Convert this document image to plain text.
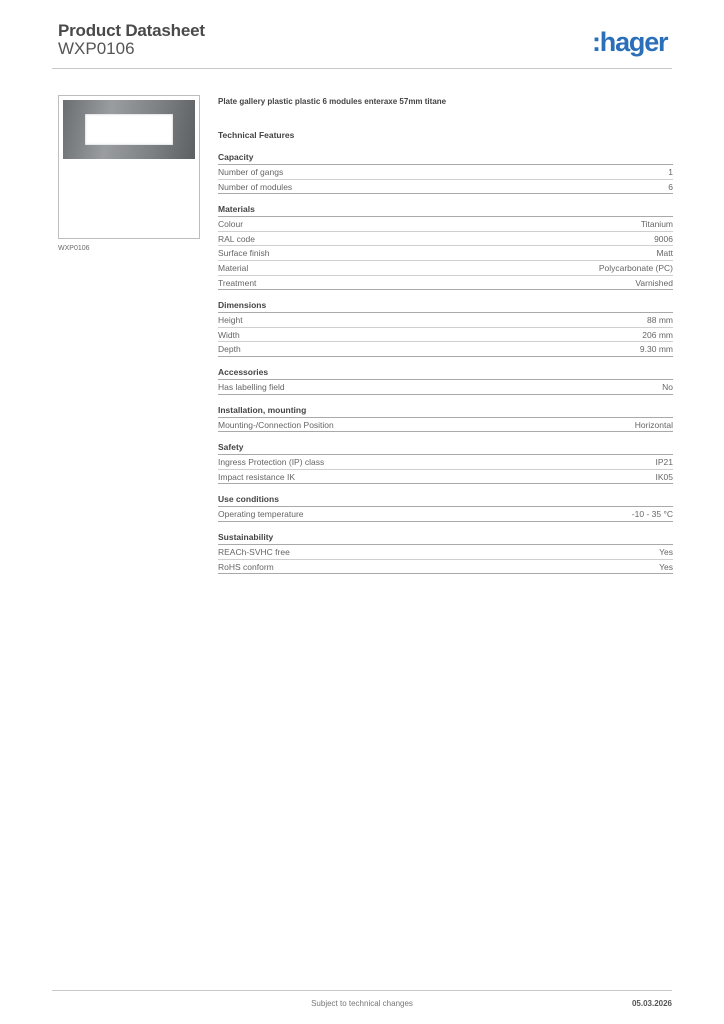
Product Datasheet
WXP0106	:hager
WXP0106
Plate gallery plastic plastic 6 modules enteraxe 57mm titane
Technical Features
Capacity
Number of gangs	1
Number of modules	6
Materials
Colour	Titanium
RAL code	9006
Surface finish	Matt
Material	Polycarbonate (PC)
Treatment	Varnished
Dimensions
Height	88 mm
Width	206 mm
Depth	9.30 mm
Accessories
Has labelling field	No
Installation, mounting
Mounting-/Connection Position	Horizontal
Safety
Ingress Protection (IP) class	IP21
Impact resistance IK	IK05
Use conditions
Operating temperature	-10 - 35 °C
Sustainability
REACh-SVHC free	Yes
RoHS conform	Yes
Subject to technical changes	05.03.2026
